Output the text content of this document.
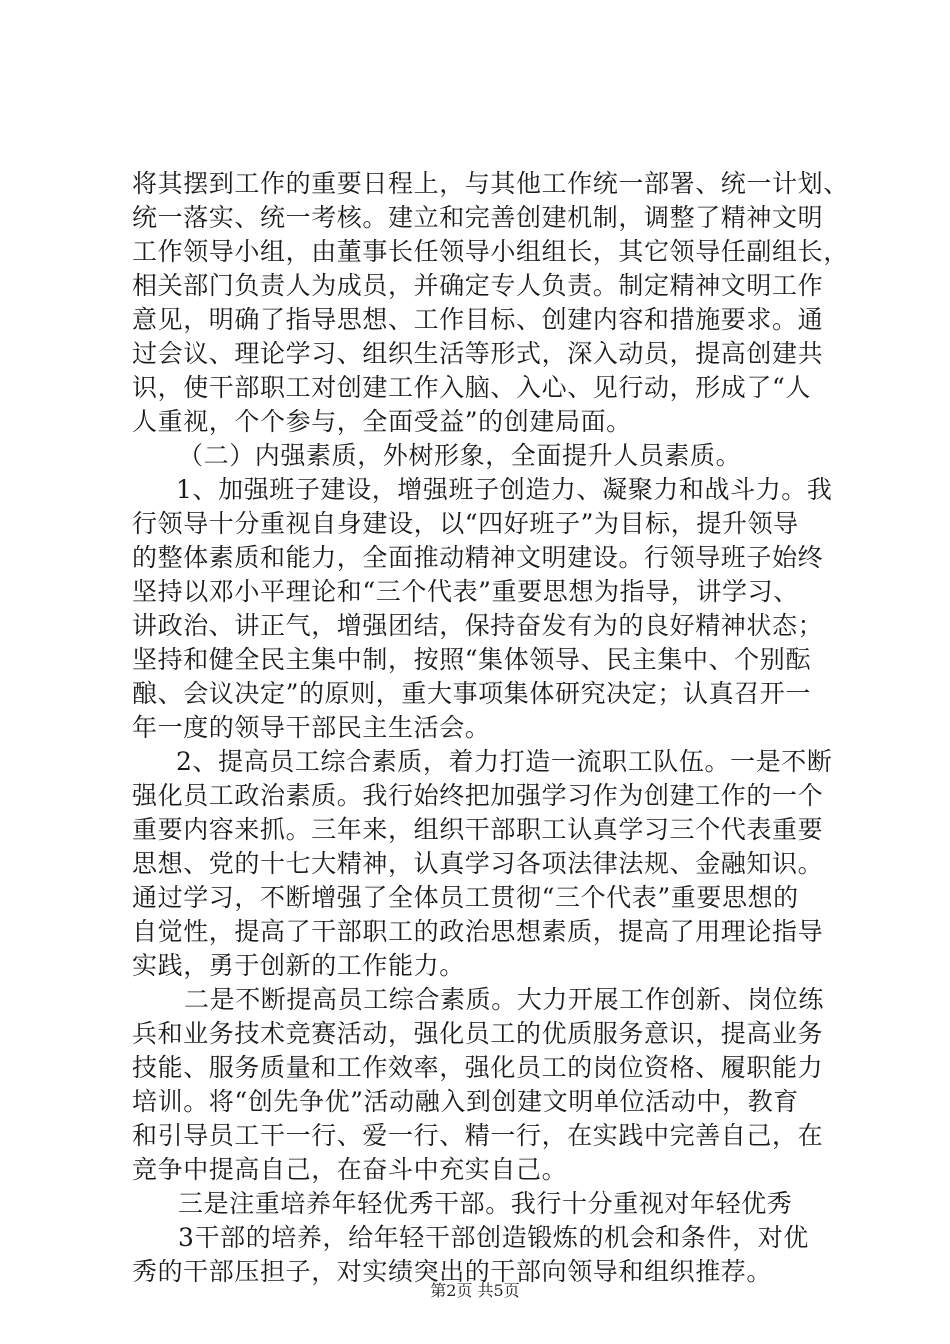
将其摆到工作的重要日程上，与其他工作统一部署、统一计划、
统一落实、统一考核。建立和完善创建机制，调整了精神文明
工作领导小组，由董事长任领导小组组长，其它领导任副组长，
相关部门负责人为成员，并确定专人负责。制定精神文明工作
意见，明确了指导思想、工作目标、创建内容和措施要求。通
过会议、理论学习、组织生活等形式，深入动员，提高创建共
识，使干部职工对创建工作入脑、入心、见行动，形成了“人
人重视，个个参与，全面受益”的创建局面。
（二）内强素质，外树形象，全面提升人员素质。
1、加强班子建设，增强班子创造力、凝聚力和战斗力。我
行领导十分重视自身建设，以“四好班子”为目标，提升领导
的整体素质和能力，全面推动精神文明建设。行领导班子始终
坚持以邓小平理论和“三个代表”重要思想为指导，讲学习、
讲政治、讲正气，增强团结，保持奋发有为的良好精神状态；
坚持和健全民主集中制，按照“集体领导、民主集中、个别酝
酿、会议决定”的原则，重大事项集体研究决定；认真召开一
年一度的领导干部民主生活会。
2、提高员工综合素质，着力打造一流职工队伍。一是不断
强化员工政治素质。我行始终把加强学习作为创建工作的一个
重要内容来抓。三年来，组织干部职工认真学习三个代表重要
思想、党的十七大精神，认真学习各项法律法规、金融知识。
通过学习，不断增强了全体员工贯彻“三个代表”重要思想的
自觉性，提高了干部职工的政治思想素质，提高了用理论指导
实践，勇于创新的工作能力。
二是不断提高员工综合素质。大力开展工作创新、岗位练
兵和业务技术竞赛活动，强化员工的优质服务意识，提高业务
技能、服务质量和工作效率，强化员工的岗位资格、履职能力
培训。将“创先争优”活动融入到创建文明单位活动中，教育
和引导员工干一行、爱一行、精一行，在实践中完善自己，在
竞争中提高自己，在奋斗中充实自己。
三是注重培养年轻优秀干部。我行十分重视对年轻优秀
3干部的培养，给年轻干部创造锻炼的机会和条件，对优
秀的干部压担子，对实绩突出的干部向领导和组织推荐。
第2页 共5页
